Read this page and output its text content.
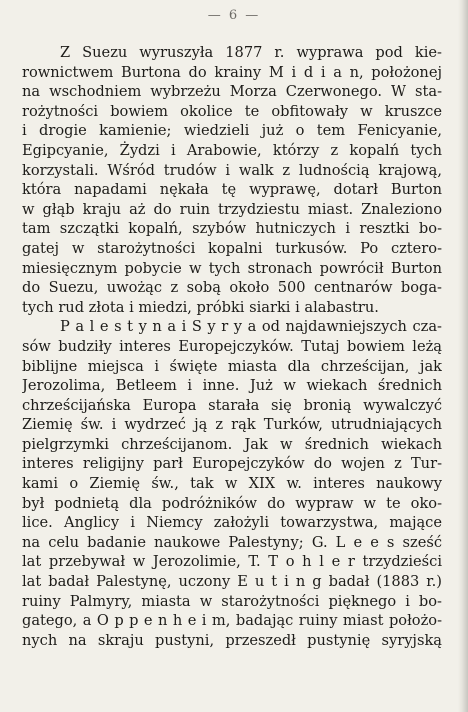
— 6 —
Z Suezu wyruszyła 1877 r. wyprawa pod kie-
rownictwem Burtona do krainy M i d i a n, położonej
na wschodniem wybrzeżu Morza Czerwonego. W sta-
rożytności bowiem okolice te obfitowały w kruszce
i drogie kamienie; wiedzieli już o tem Fenicyanie,
Egipcyanie, Żydzi i Arabowie, którzy z kopalń tych
korzystali. Wśród trudów i walk z ludnością krajową,
która napadami nękała tę wyprawę, dotarł Burton
w głąb kraju aż do ruin trzydziestu miast. Znaleziono
tam szczątki kopalń, szybów hutniczych i resztki bo-
gatej w starożytności kopalni turkusów. Po cztero-
miesięcznym pobycie w tych stronach powrócił Burton
do Suezu, uwożąc z sobą około 500 centnarów boga-
tych rud złota i miedzi, próbki siarki i alabastru.
P a l e s t y n a i S y r y a od najdawniejszych cza-
sów budziły interes Europejczyków. Tutaj bowiem leżą
biblijne miejsca i święte miasta dla chrześcijan, jak
Jerozolima, Betleem i inne. Już w wiekach średnich
chrześcijańska Europa starała się bronią wywalczyć
Ziemię św. i wydrzeć ją z rąk Turków, utrudniających
pielgrzymki chrześcijanom. Jak w średnich wiekach
interes religijny parł Europejczyków do wojen z Tur-
kami o Ziemię św., tak w XIX w. interes naukowy
był podnietą dla podróżników do wypraw w te oko-
lice. Anglicy i Niemcy założyli towarzystwa, mające
na celu badanie naukowe Palestyny; G. L e e s sześć
lat przebywał w Jerozolimie, T. T o h l e r trzydzieści
lat badał Palestynę, uczony E u t i n g badał (1883 r.)
ruiny Palmyry, miasta w starożytności pięknego i bo-
gatego, a O p p e n h e i m, badając ruiny miast położo-
nych na skraju pustyni, przeszedł pustynię syryjską
